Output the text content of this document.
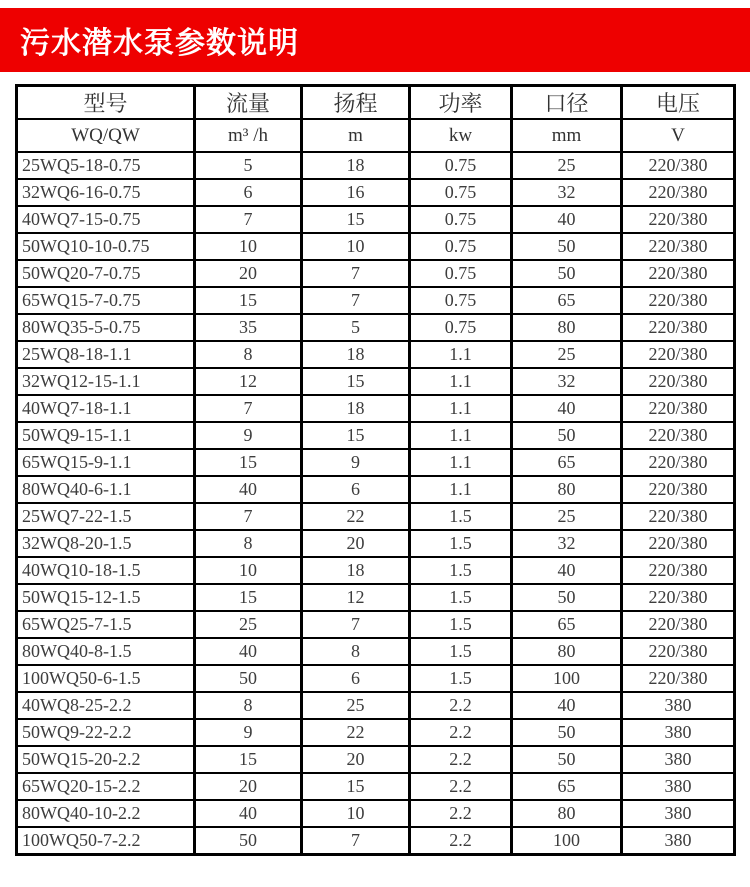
污水潜水泵参数说明
型号	流量	扬程	功率	口径	电压
WQ/QW	m³ /h	m	kw	mm	V
25WQ5-18-0.75	5	18	0.75	25	220/380
32WQ6-16-0.75	6	16	0.75	32	220/380
40WQ7-15-0.75	7	15	0.75	40	220/380
50WQ10-10-0.75	10	10	0.75	50	220/380
50WQ20-7-0.75	20	7	0.75	50	220/380
65WQ15-7-0.75	15	7	0.75	65	220/380
80WQ35-5-0.75	35	5	0.75	80	220/380
25WQ8-18-1.1	8	18	1.1	25	220/380
32WQ12-15-1.1	12	15	1.1	32	220/380
40WQ7-18-1.1	7	18	1.1	40	220/380
50WQ9-15-1.1	9	15	1.1	50	220/380
65WQ15-9-1.1	15	9	1.1	65	220/380
80WQ40-6-1.1	40	6	1.1	80	220/380
25WQ7-22-1.5	7	22	1.5	25	220/380
32WQ8-20-1.5	8	20	1.5	32	220/380
40WQ10-18-1.5	10	18	1.5	40	220/380
50WQ15-12-1.5	15	12	1.5	50	220/380
65WQ25-7-1.5	25	7	1.5	65	220/380
80WQ40-8-1.5	40	8	1.5	80	220/380
100WQ50-6-1.5	50	6	1.5	100	220/380
40WQ8-25-2.2	8	25	2.2	40	380
50WQ9-22-2.2	9	22	2.2	50	380
50WQ15-20-2.2	15	20	2.2	50	380
65WQ20-15-2.2	20	15	2.2	65	380
80WQ40-10-2.2	40	10	2.2	80	380
100WQ50-7-2.2	50	7	2.2	100	380
